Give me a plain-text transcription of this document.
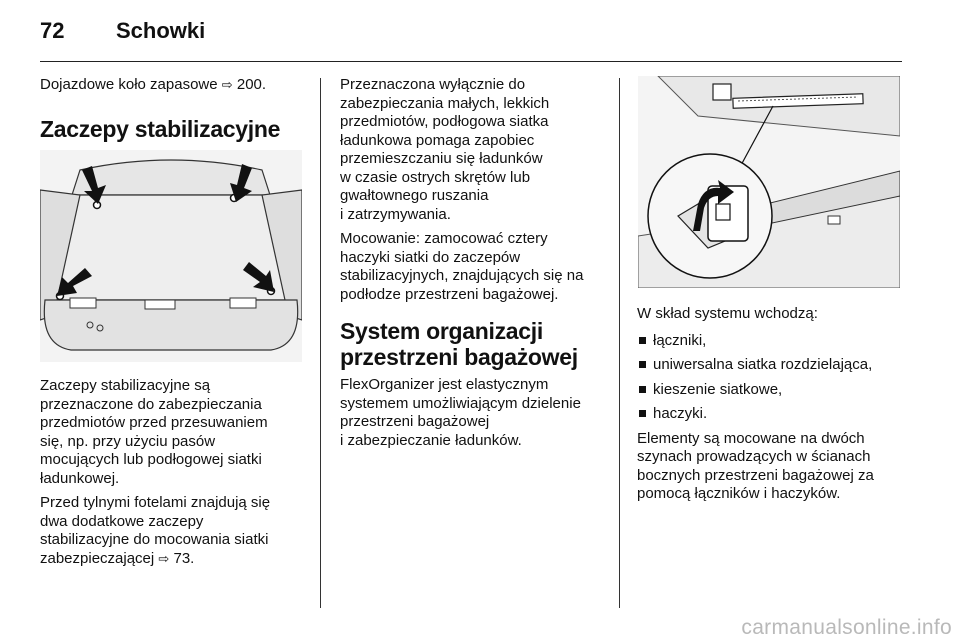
72 Schowki

Dojazdowe koło zapasowe ⇨ 200.

Zaczepy stabilizacyjne

Zaczepy stabilizacyjne są
przeznaczone do zabezpieczania
przedmiotów przed przesuwaniem
się, np. przy użyciu pasów
mocujących lub podłogowej siatki
ładunkowej.

Przed tylnymi fotelami znajdują się
dwa dodatkowe zaczepy
stabilizacyjne do mocowania siatki
zabezpieczającej ⇨ 73.

Przeznaczona wyłącznie do
zabezpieczania małych, lekkich
przedmiotów, podłogowa siatka
ładunkowa pomaga zapobiec
przemieszczaniu się ładunków
w czasie ostrych skrętów lub
gwałtownego ruszania
i zatrzymywania.

Mocowanie: zamocować cztery
haczyki siatki do zaczepów
stabilizacyjnych, znajdujących się na
podłodze przestrzeni bagażowej.

System organizacji
przestrzeni bagażowej

FlexOrganizer jest elastycznym
systemem umożliwiającym dzielenie
przestrzeni bagażowej
i zabezpieczanie ładunków.

W skład systemu wchodzą:

łączniki,
uniwersalna siatka rozdzielająca,
kieszenie siatkowe,
haczyki.

Elementy są mocowane na dwóch
szynach prowadzących w ścianach
bocznych przestrzeni bagażowej za
pomocą łączników i haczyków.

carmanualsonline.info
